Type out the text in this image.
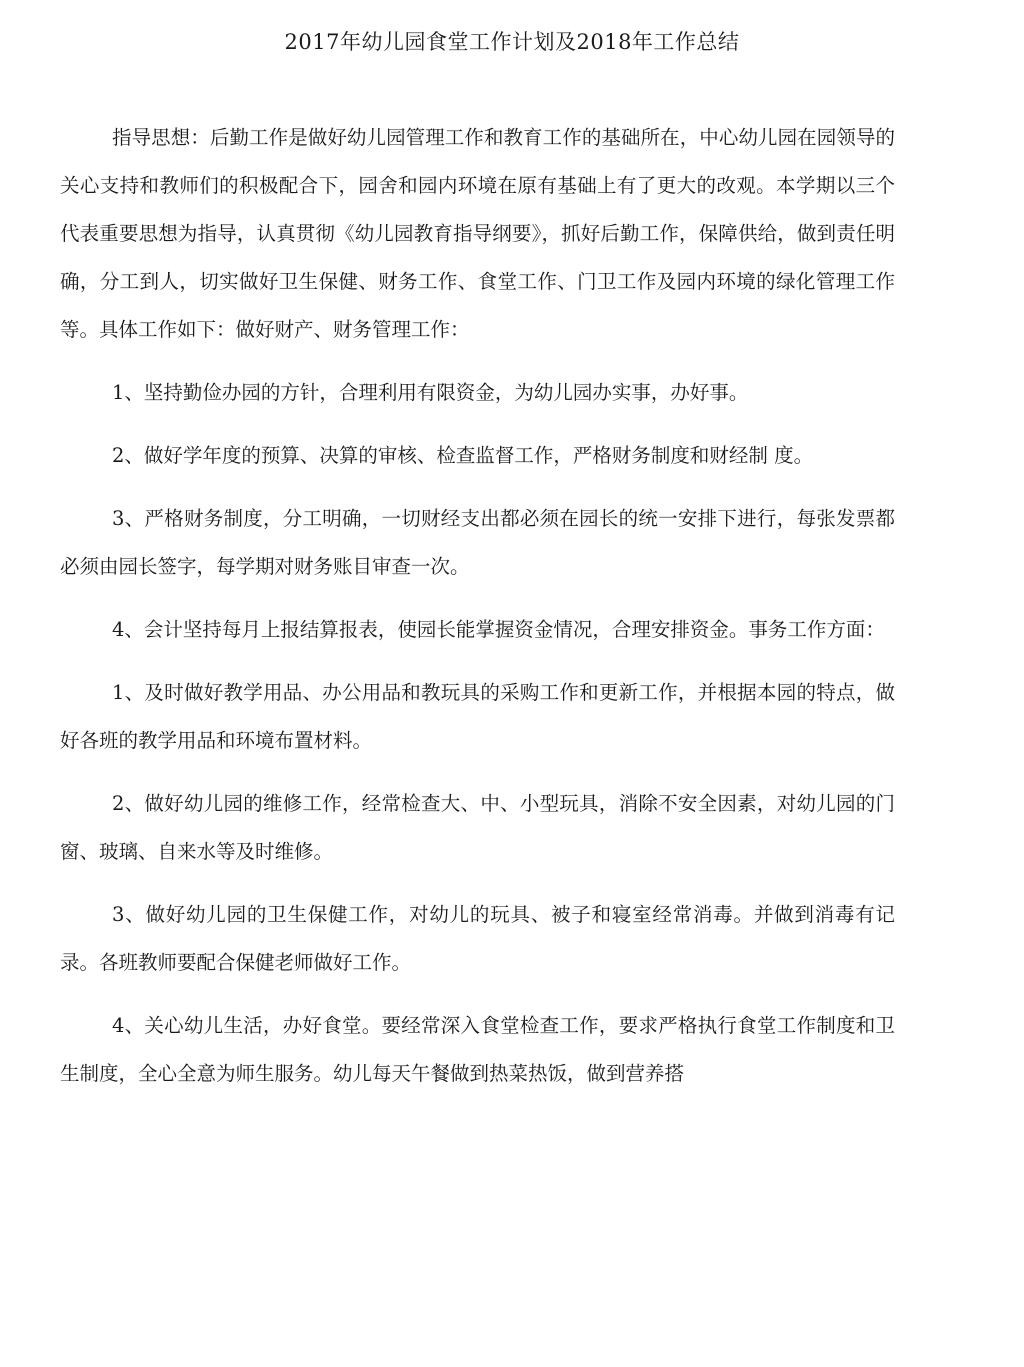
2017年幼儿园食堂工作计划及2018年工作总结

指导思想：后勤工作是做好幼儿园管理工作和教育工作的基础所在，中心幼儿园在园领导的关心支持和教师们的积极配合下，园舍和园内环境在原有基础上有了更大的改观。本学期以三个代表重要思想为指导，认真贯彻《幼儿园教育指导纲要》，抓好后勤工作，保障供给，做到责任明确，分工到人，切实做好卫生保健、财务工作、食堂工作、门卫工作及园内环境的绿化管理工作等。具体工作如下：做好财产、财务管理工作：

1、坚持勤俭办园的方针，合理利用有限资金，为幼儿园办实事，办好事。

2、做好学年度的预算、决算的审核、检查监督工作，严格财务制度和财经制 度。

3、严格财务制度，分工明确，一切财经支出都必须在园长的统一安排下进行，每张发票都必须由园长签字，每学期对财务账目审查一次。

4、会计坚持每月上报结算报表，使园长能掌握资金情况，合理安排资金。事务工作方面：

1、及时做好教学用品、办公用品和教玩具的采购工作和更新工作，并根据本园的特点，做好各班的教学用品和环境布置材料。

2、做好幼儿园的维修工作，经常检查大、中、小型玩具，消除不安全因素，对幼儿园的门窗、玻璃、自来水等及时维修。

3、做好幼儿园的卫生保健工作，对幼儿的玩具、被子和寝室经常消毒。并做到消毒有记录。各班教师要配合保健老师做好工作。

4、关心幼儿生活，办好食堂。要经常深入食堂检查工作，要求严格执行食堂工作制度和卫生制度，全心全意为师生服务。幼儿每天午餐做到热菜热饭，做到营养搭
